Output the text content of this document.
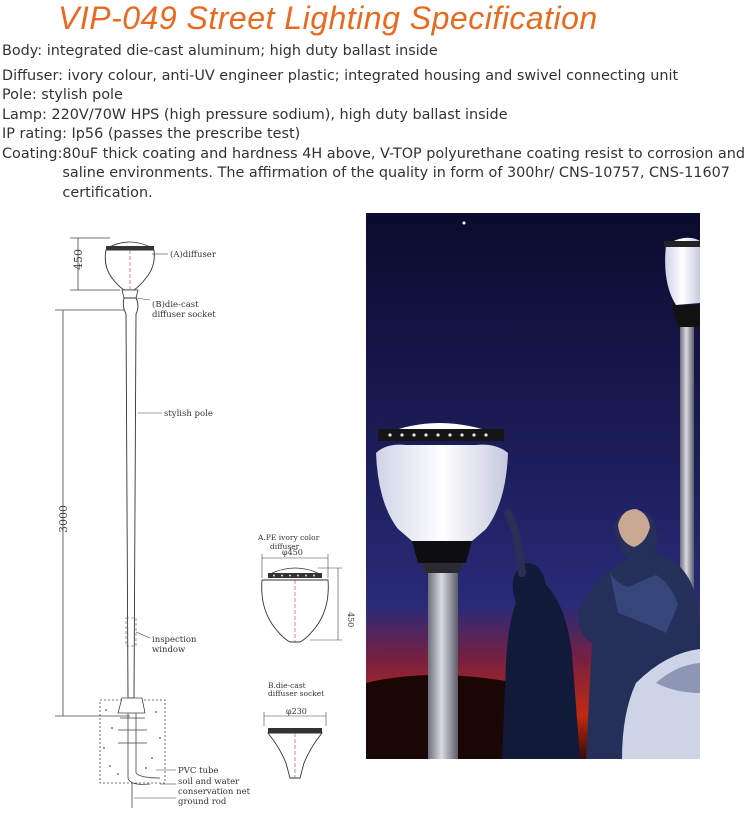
VIP-049 Street Lighting Specification
Body: integrated die-cast aluminum; high duty ballast inside
Diffuser: ivory colour, anti-UV engineer plastic; integrated housing and swivel connecting unit
Pole: stylish pole
Lamp: 220V/70W HPS (high pressure sodium), high duty ballast inside
IP rating: Ip56 (passes the prescribe test)
Coating: 80uF thick coating and hardness 4H above, V-TOP polyurethane coating resist to corrosion and saline environments. The affirmation of the quality in form of 300hr/ CNS-10757, CNS-11607 certification.
450
3000
(A)diffuser
(B)die-cast
diffuser socket
stylish pole
inspection
window
PVC tube
soil and water
conservation net
ground rod
A.PE ivory color
diffuser
φ450
450
B.die-cast
diffuser socket
φ230
